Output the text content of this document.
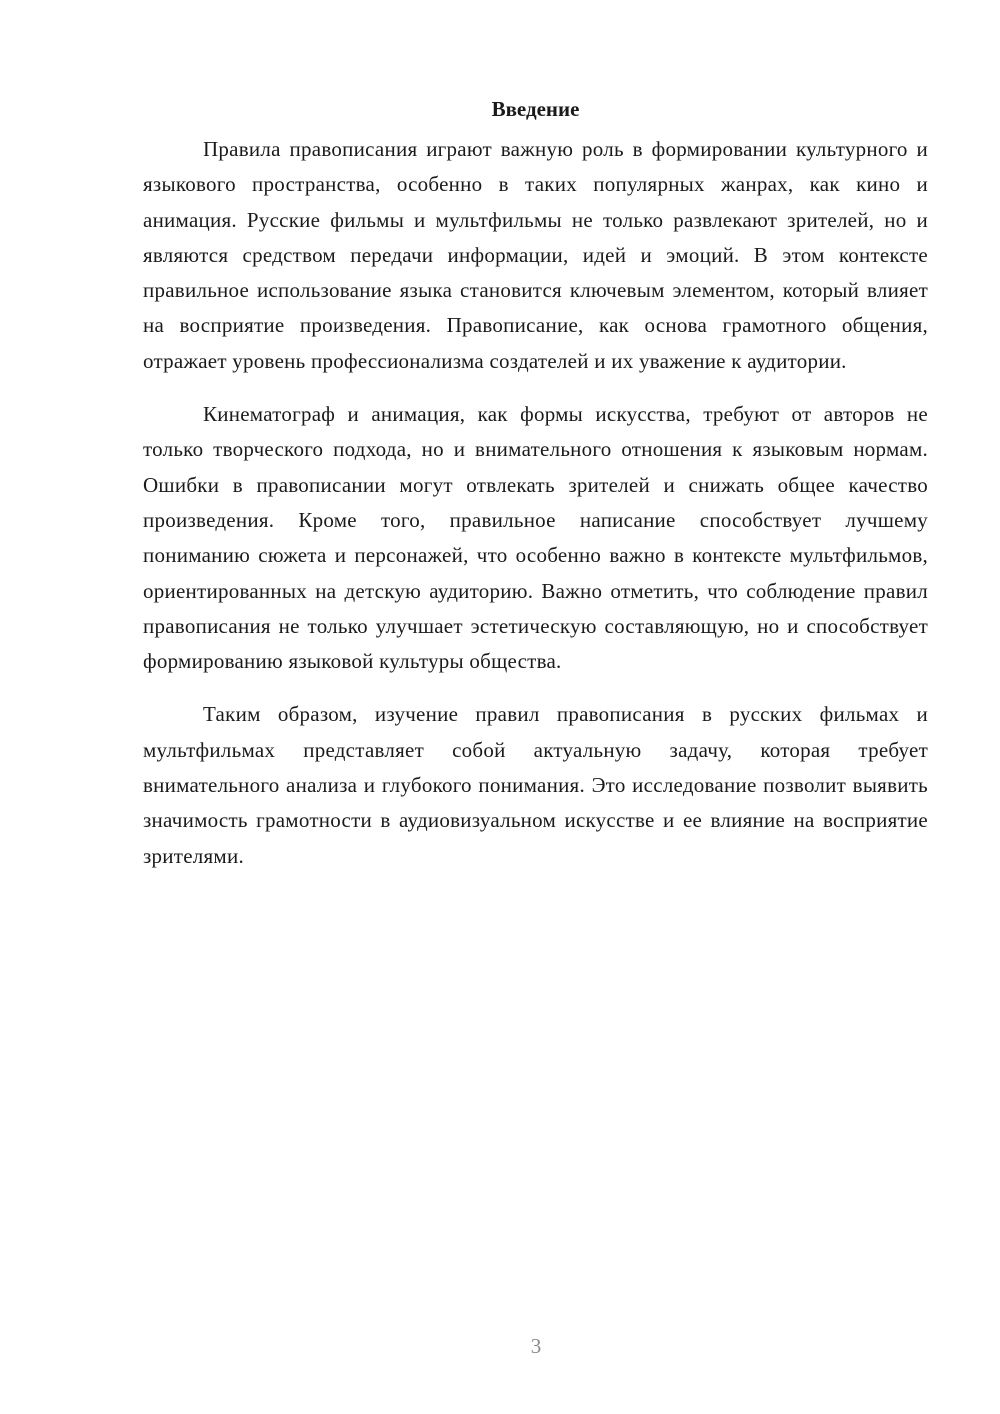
Введение

Правила правописания играют важную роль в формировании культурного и языкового пространства, особенно в таких популярных жанрах, как кино и анимация. Русские фильмы и мультфильмы не только развлекают зрителей, но и являются средством передачи информации, идей и эмоций. В этом контексте правильное использование языка становится ключевым элементом, который влияет на восприятие произведения. Правописание, как основа грамотного общения, отражает уровень профессионализма создателей и их уважение к аудитории.

Кинематограф и анимация, как формы искусства, требуют от авторов не только творческого подхода, но и внимательного отношения к языковым нормам. Ошибки в правописании могут отвлекать зрителей и снижать общее качество произведения. Кроме того, правильное написание способствует лучшему пониманию сюжета и персонажей, что особенно важно в контексте мультфильмов, ориентированных на детскую аудиторию. Важно отметить, что соблюдение правил правописания не только улучшает эстетическую составляющую, но и способствует формированию языковой культуры общества.

Таким образом, изучение правил правописания в русских фильмах и мультфильмах представляет собой актуальную задачу, которая требует внимательного анализа и глубокого понимания. Это исследование позволит выявить значимость грамотности в аудиовизуальном искусстве и ее влияние на восприятие зрителями.

3
